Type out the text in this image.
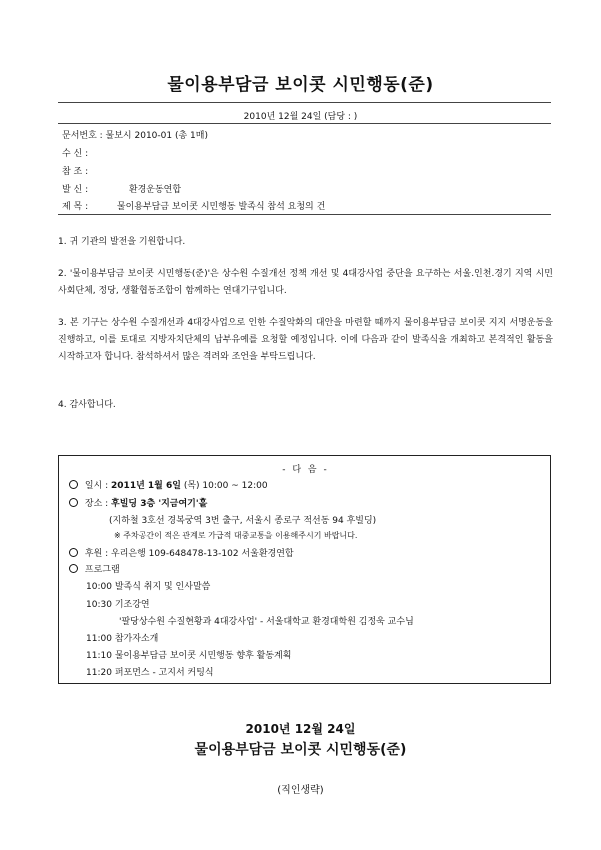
물이용부담금 보이콧 시민행동(준)
2010년 12월 24일 (담당 : )
문서번호 : 물보시 2010-01 (총 1매)
수 신 :
참 조 :
발 신 :	환경운동연합
제 목 :	물이용부담금 보이콧 시민행동 발족식 참석 요청의 건
1. 귀 기관의 발전을 기원합니다.
2. '물이용부담금 보이콧 시민행동(준)'은 상수원 수질개선 정책 개선 및 4대강사업 중단을 요구하는 서울.인천.경기 지역 시민사회단체, 정당, 생활협동조합이 함께하는 연대기구입니다.
3. 본 기구는 상수원 수질개선과 4대강사업으로 인한 수질악화의 대안을 마련할 때까지 물이용부담금 보이콧 지지 서명운동을 진행하고, 이를 토대로 지방자치단체의 납부유예를 요청할 예정입니다. 이에 다음과 같이 발족식을 개최하고 본격적인 활동을 시작하고자 합니다. 참석하셔서 많은 격려와 조언을 부탁드립니다.
4. 감사합니다.
- 다 음 -
일시 : 2011년 1월 6일 (목) 10:00 ~ 12:00
장소 : 후빌딩 3층 '지금여기'홀
(지하철 3호선 경복궁역 3번 출구, 서울시 종로구 적선동 94 후빌딩)
※ 주차공간이 적은 관계로 가급적 대중교통을 이용해주시기 바랍니다.
후원 : 우리은행 109-648478-13-102 서울환경연합
프로그램
10:00 발족식 취지 및 인사말씀
10:30 기조강연
'팔당상수원 수질현황과 4대강사업' - 서울대학교 환경대학원 김정욱 교수님
11:00 참가자소개
11:10 물이용부담금 보이콧 시민행동 향후 활동계획
11:20 퍼포먼스 - 고지서 커팅식
2010년 12월 24일
물이용부담금 보이콧 시민행동(준)
(직인생략)
